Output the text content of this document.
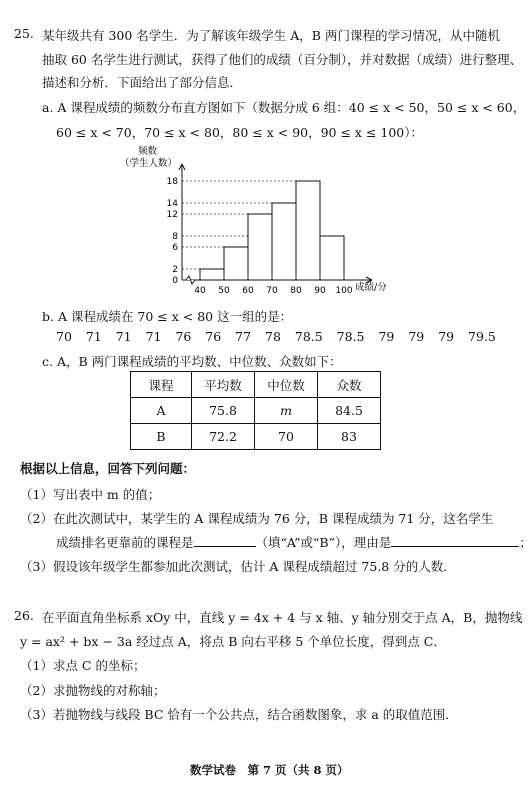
25. 某年级共有 300 名学生．为了解该年级学生 A，B 两门课程的学习情况，从中随机
抽取 60 名学生进行测试，获得了他们的成绩（百分制），并对数据（成绩）进行整理、
描述和分析．下面给出了部分信息．
a. A 课程成绩的频数分布直方图如下（数据分成 6 组：40 ≤ x < 50，50 ≤ x < 60，
60 ≤ x < 70，70 ≤ x < 80，80 ≤ x < 90，90 ≤ x ≤ 100）：
频数
（学生人数）
0
2
6
8
12
14
18
40 50 60 70 80 90 100 成绩/分
b. A 课程成绩在 70 ≤ x < 80 这一组的是：
70 71 71 71 76 76 77 78 78.5 78.5 79 79 79 79.5
c. A，B 两门课程成绩的平均数、中位数、众数如下：
课程	平均数	中位数	众数
A	75.8	m	84.5
B	72.2	70	83
根据以上信息，回答下列问题：
（1）写出表中 m 的值；
（2）在此次测试中，某学生的 A 课程成绩为 76 分，B 课程成绩为 71 分，这名学生
成绩排名更靠前的课程是	（填“A”或“B”），理由是	；
（3）假设该年级学生都参加此次测试，估计 A 课程成绩超过 75.8 分的人数．
26. 在平面直角坐标系 xOy 中，直线 y = 4x + 4 与 x 轴、y 轴分别交于点 A，B，抛物线
y = ax² + bx − 3a 经过点 A，将点 B 向右平移 5 个单位长度，得到点 C．
（1）求点 C 的坐标；
（2）求抛物线的对称轴；
（3）若抛物线与线段 BC 恰有一个公共点，结合函数图象，求 a 的取值范围．
数学试卷　第 7 页（共 8 页）
